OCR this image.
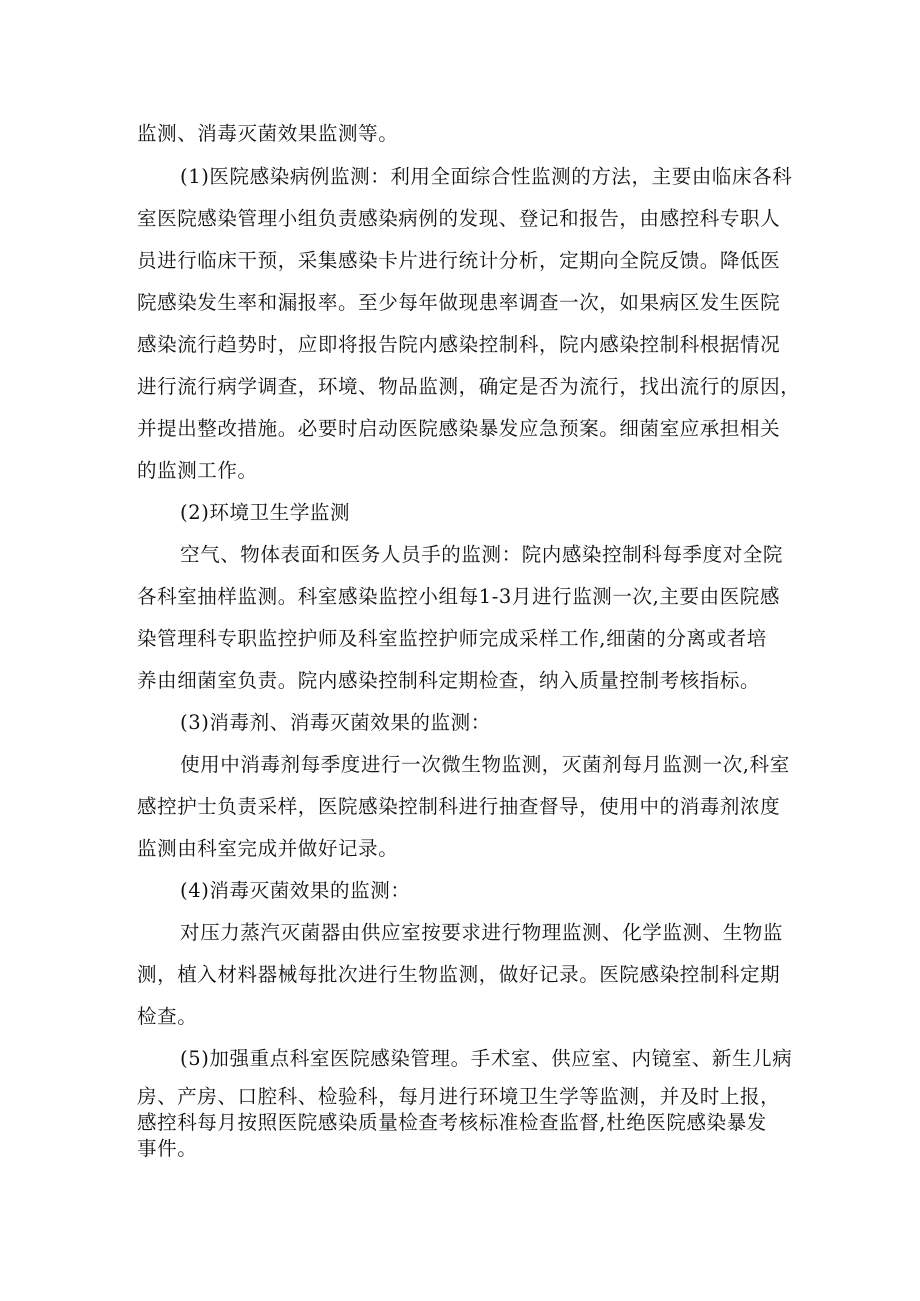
监测、消毒灭菌效果监测等。
(1)医院感染病例监测：利用全面综合性监测的方法，主要由临床各科
室医院感染管理小组负责感染病例的发现、登记和报告，由感控科专职人
员进行临床干预，采集感染卡片进行统计分析，定期向全院反馈。降低医
院感染发生率和漏报率。至少每年做现患率调查一次，如果病区发生医院
感染流行趋势时，应即将报告院内感染控制科，院内感染控制科根据情况
进行流行病学调查，环境、物品监测，确定是否为流行，找出流行的原因，
并提出整改措施。必要时启动医院感染暴发应急预案。细菌室应承担相关
的监测工作。
(2)环境卫生学监测
空气、物体表面和医务人员手的监测：院内感染控制科每季度对全院
各科室抽样监测。科室感染监控小组每1-3月进行监测一次,主要由医院感
染管理科专职监控护师及科室监控护师完成采样工作,细菌的分离或者培
养由细菌室负责。院内感染控制科定期检查，纳入质量控制考核指标。
(3)消毒剂、消毒灭菌效果的监测：
使用中消毒剂每季度进行一次微生物监测，灭菌剂每月监测一次,科室
感控护士负责采样，医院感染控制科进行抽查督导，使用中的消毒剂浓度
监测由科室完成并做好记录。
(4)消毒灭菌效果的监测：
对压力蒸汽灭菌器由供应室按要求进行物理监测、化学监测、生物监
测，植入材料器械每批次进行生物监测，做好记录。医院感染控制科定期
检查。
(5)加强重点科室医院感染管理。手术室、供应室、内镜室、新生儿病
房、产房、口腔科、检验科，每月进行环境卫生学等监测，并及时上报，
感控科每月按照医院感染质量检查考核标准检查监督,杜绝医院感染暴发
事件。
